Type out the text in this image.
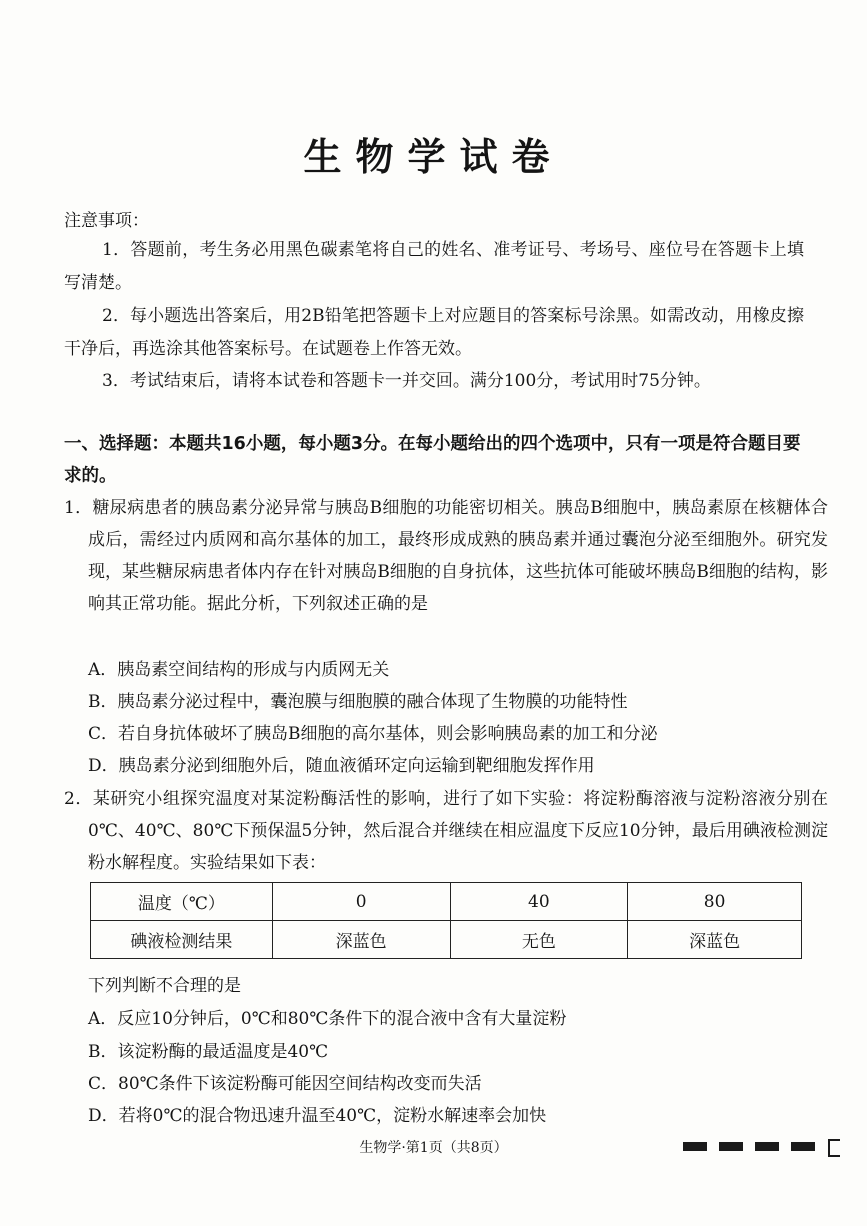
生物学试卷
注意事项：

1．答题前，考生务必用黑色碳素笔将自己的姓名、准考证号、考场号、座位号在答题卡上填写清楚。

2．每小题选出答案后，用2B铅笔把答题卡上对应题目的答案标号涂黑。如需改动，用橡皮擦干净后，再选涂其他答案标号。在试题卷上作答无效。

3．考试结束后，请将本试卷和答题卡一并交回。满分100分，考试用时75分钟。

一、选择题：本题共16小题，每小题3分。在每小题给出的四个选项中，只有一项是符合题目要求的。

1．糖尿病患者的胰岛素分泌异常与胰岛B细胞的功能密切相关。胰岛B细胞中，胰岛素原在核糖体合成后，需经过内质网和高尔基体的加工，最终形成成熟的胰岛素并通过囊泡分泌至细胞外。研究发现，某些糖尿病患者体内存在针对胰岛B细胞的自身抗体，这些抗体可能破坏胰岛B细胞的结构，影响其正常功能。据此分析，下列叙述正确的是

A．胰岛素空间结构的形成与内质网无关

B．胰岛素分泌过程中，囊泡膜与细胞膜的融合体现了生物膜的功能特性

C．若自身抗体破坏了胰岛B细胞的高尔基体，则会影响胰岛素的加工和分泌

D．胰岛素分泌到细胞外后，随血液循环定向运输到靶细胞发挥作用

2．某研究小组探究温度对某淀粉酶活性的影响，进行了如下实验：将淀粉酶溶液与淀粉溶液分别在0℃、40℃、80℃下预保温5分钟，然后混合并继续在相应温度下反应10分钟，最后用碘液检测淀粉水解程度。实验结果如下表：

温度（℃）	0	40	80
碘液检测结果	深蓝色	无色	深蓝色

下列判断不合理的是

A．反应10分钟后，0℃和80℃条件下的混合液中含有大量淀粉

B．该淀粉酶的最适温度是40℃

C．80℃条件下该淀粉酶可能因空间结构改变而失活

D．若将0℃的混合物迅速升温至40℃，淀粉水解速率会加快

生物学·第1页（共8页）
